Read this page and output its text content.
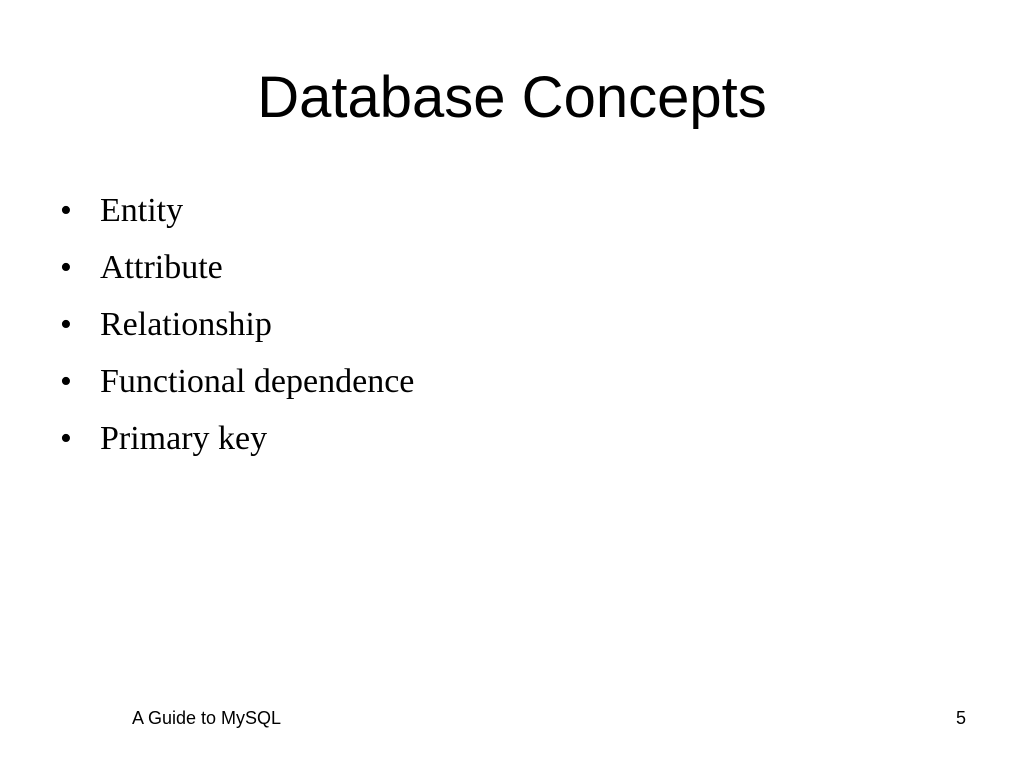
Database Concepts
• Entity
• Attribute
• Relationship
• Functional dependence
• Primary key
A Guide to MySQL	5
